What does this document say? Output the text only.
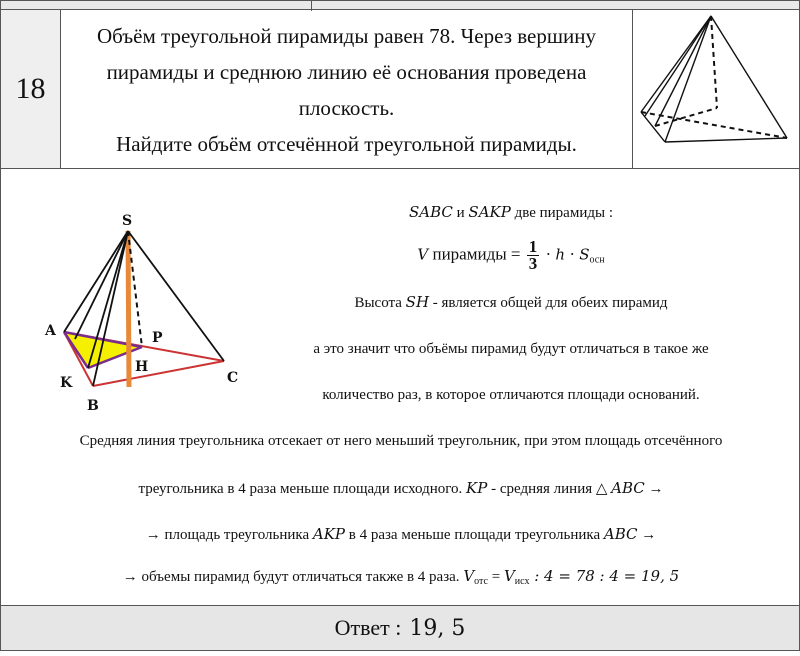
18
Объём треугольной пирамиды равен 78. Через вершину
пирамиды и среднюю линию её основания проведена
плоскость.
Найдите объём отсечённой треугольной пирамиды.
S
A
K
P
H
C
B
SABC и SAKP две пирамиды :
V пирамиды = $\frac{1}{3} \cdot h \cdot S_{осн}$
Высота SH - является общей для обеих пирамид
а это значит что объёмы пирамид будут отличаться в такое же
количество раз, в которое отличаются площади оснований.
Средняя линия треугольника отсекает от него меньший треугольник, при этом площадь отсечённого
треугольника в 4 раза меньше площади исходного. KP - средняя линия △ ABC →
→ площадь треугольника AKP в 4 раза меньше площади треугольника ABC →
→ объемы пирамид будут отличаться также в 4 раза. $V_{отс} = V_{исх}$ : 4 = 78 : 4 = 19, 5
Ответ : 19, 5
